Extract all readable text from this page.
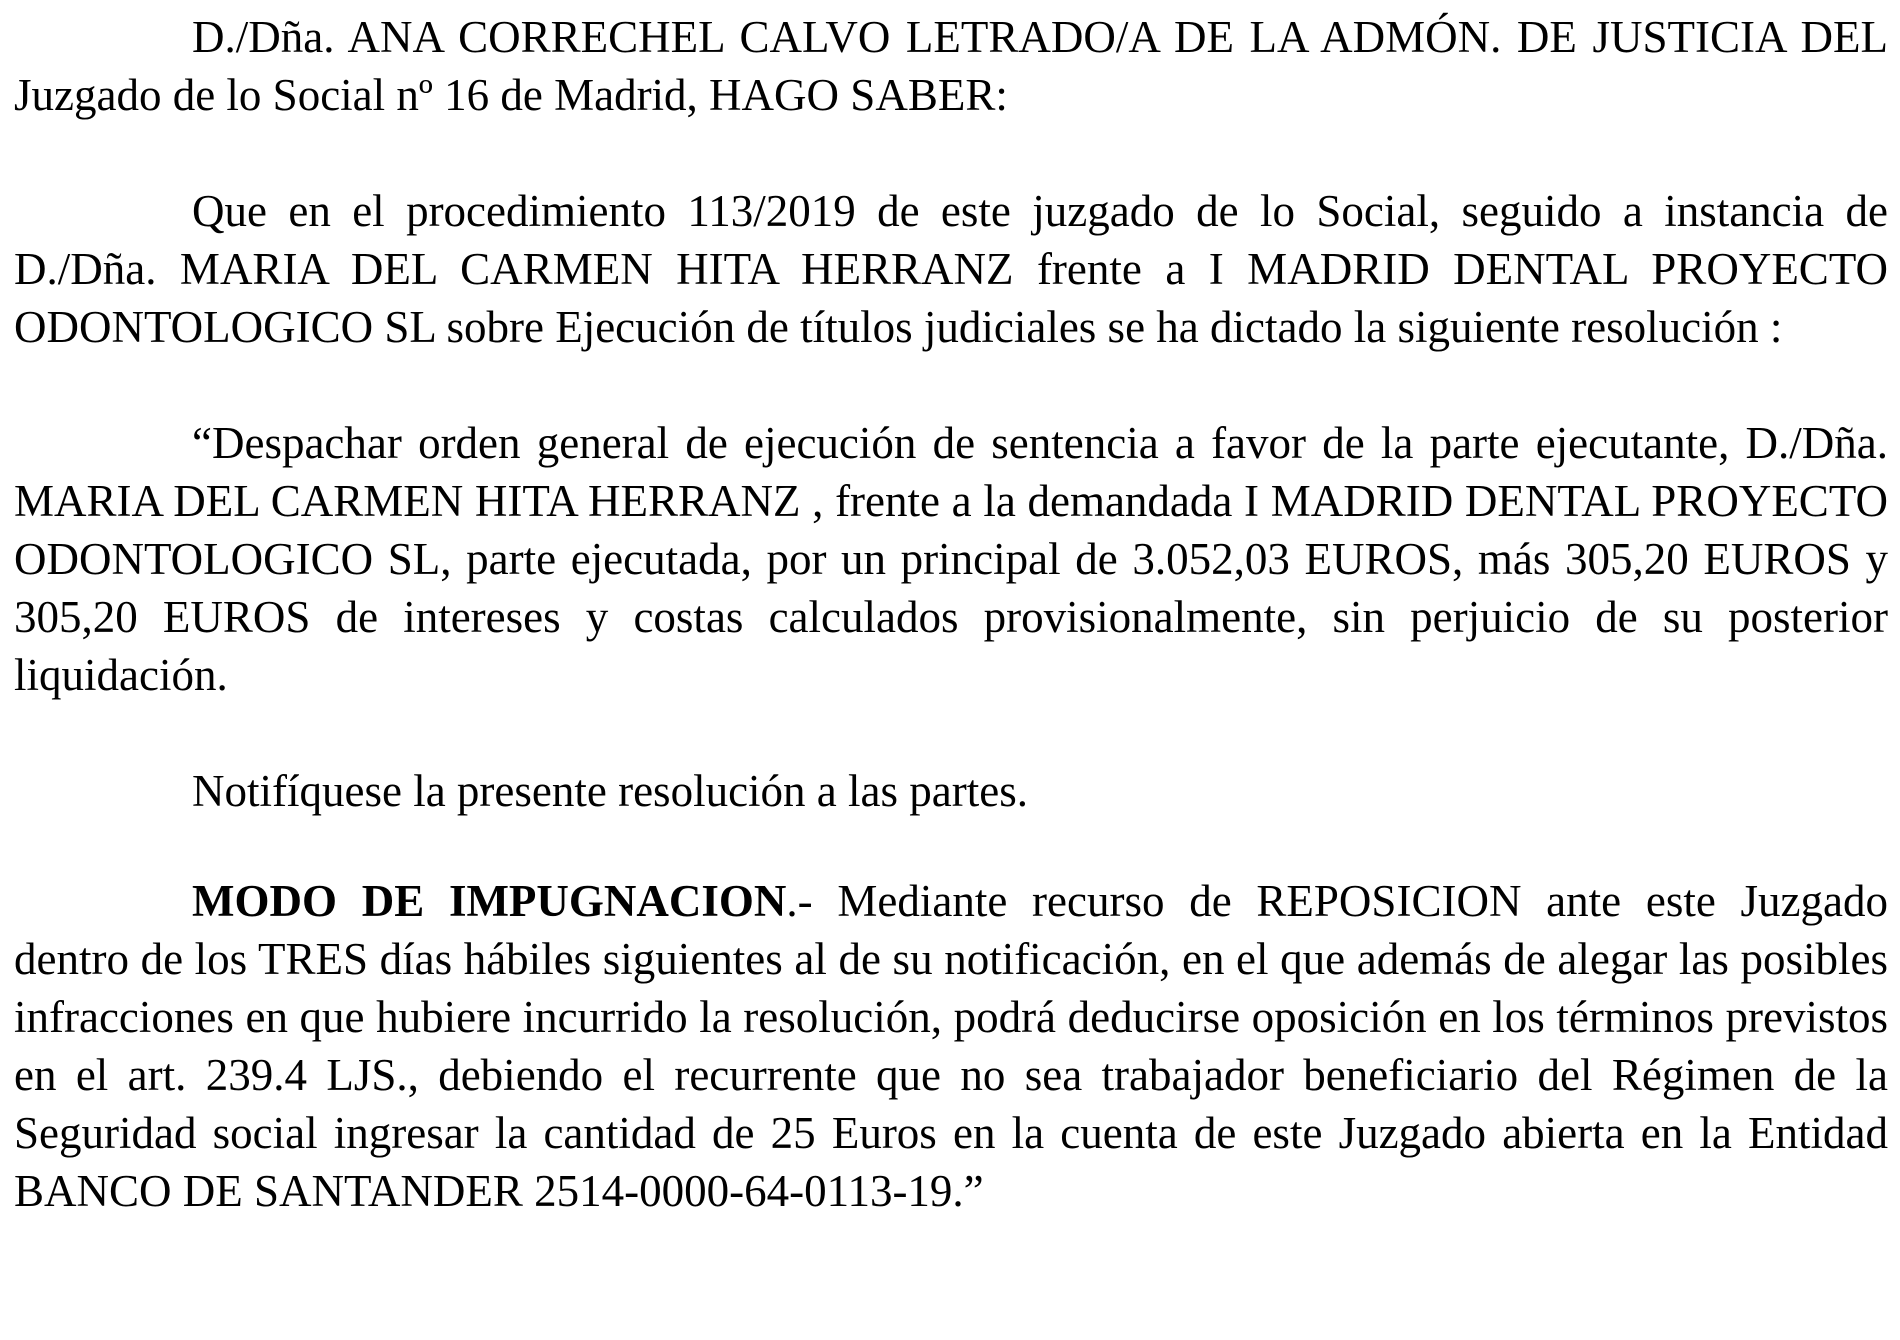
D./Dña. ANA CORRECHEL CALVO LETRADO/A DE LA ADMÓN. DE JUSTICIA DEL Juzgado de lo Social nº 16 de Madrid, HAGO SABER:

Que en el procedimiento 113/2019 de este juzgado de lo Social, seguido a instancia de D./Dña. MARIA DEL CARMEN HITA HERRANZ frente a I MADRID DENTAL PROYECTO ODONTOLOGICO SL sobre Ejecución de títulos judiciales se ha dictado la siguiente resolución :

“Despachar orden general de ejecución de sentencia a favor de la parte ejecutante, D./Dña. MARIA DEL CARMEN HITA HERRANZ , frente a la demandada I MADRID DENTAL PROYECTO ODONTOLOGICO SL, parte ejecutada, por un principal de 3.052,03 EUROS, más 305,20 EUROS y 305,20 EUROS de intereses y costas calculados provisionalmente, sin perjuicio de su posterior liquidación.

Notifíquese la presente resolución a las partes.

MODO DE IMPUGNACION.- Mediante recurso de REPOSICION ante este Juzgado dentro de los TRES días hábiles siguientes al de su notificación, en el que además de alegar las posibles infracciones en que hubiere incurrido la resolución, podrá deducirse oposición en los términos previstos en el art. 239.4 LJS., debiendo el recurrente que no sea trabajador beneficiario del Régimen de la Seguridad social ingresar la cantidad de 25 Euros en la cuenta de este Juzgado abierta en la Entidad BANCO DE SANTANDER 2514-0000-64-0113-19.”
